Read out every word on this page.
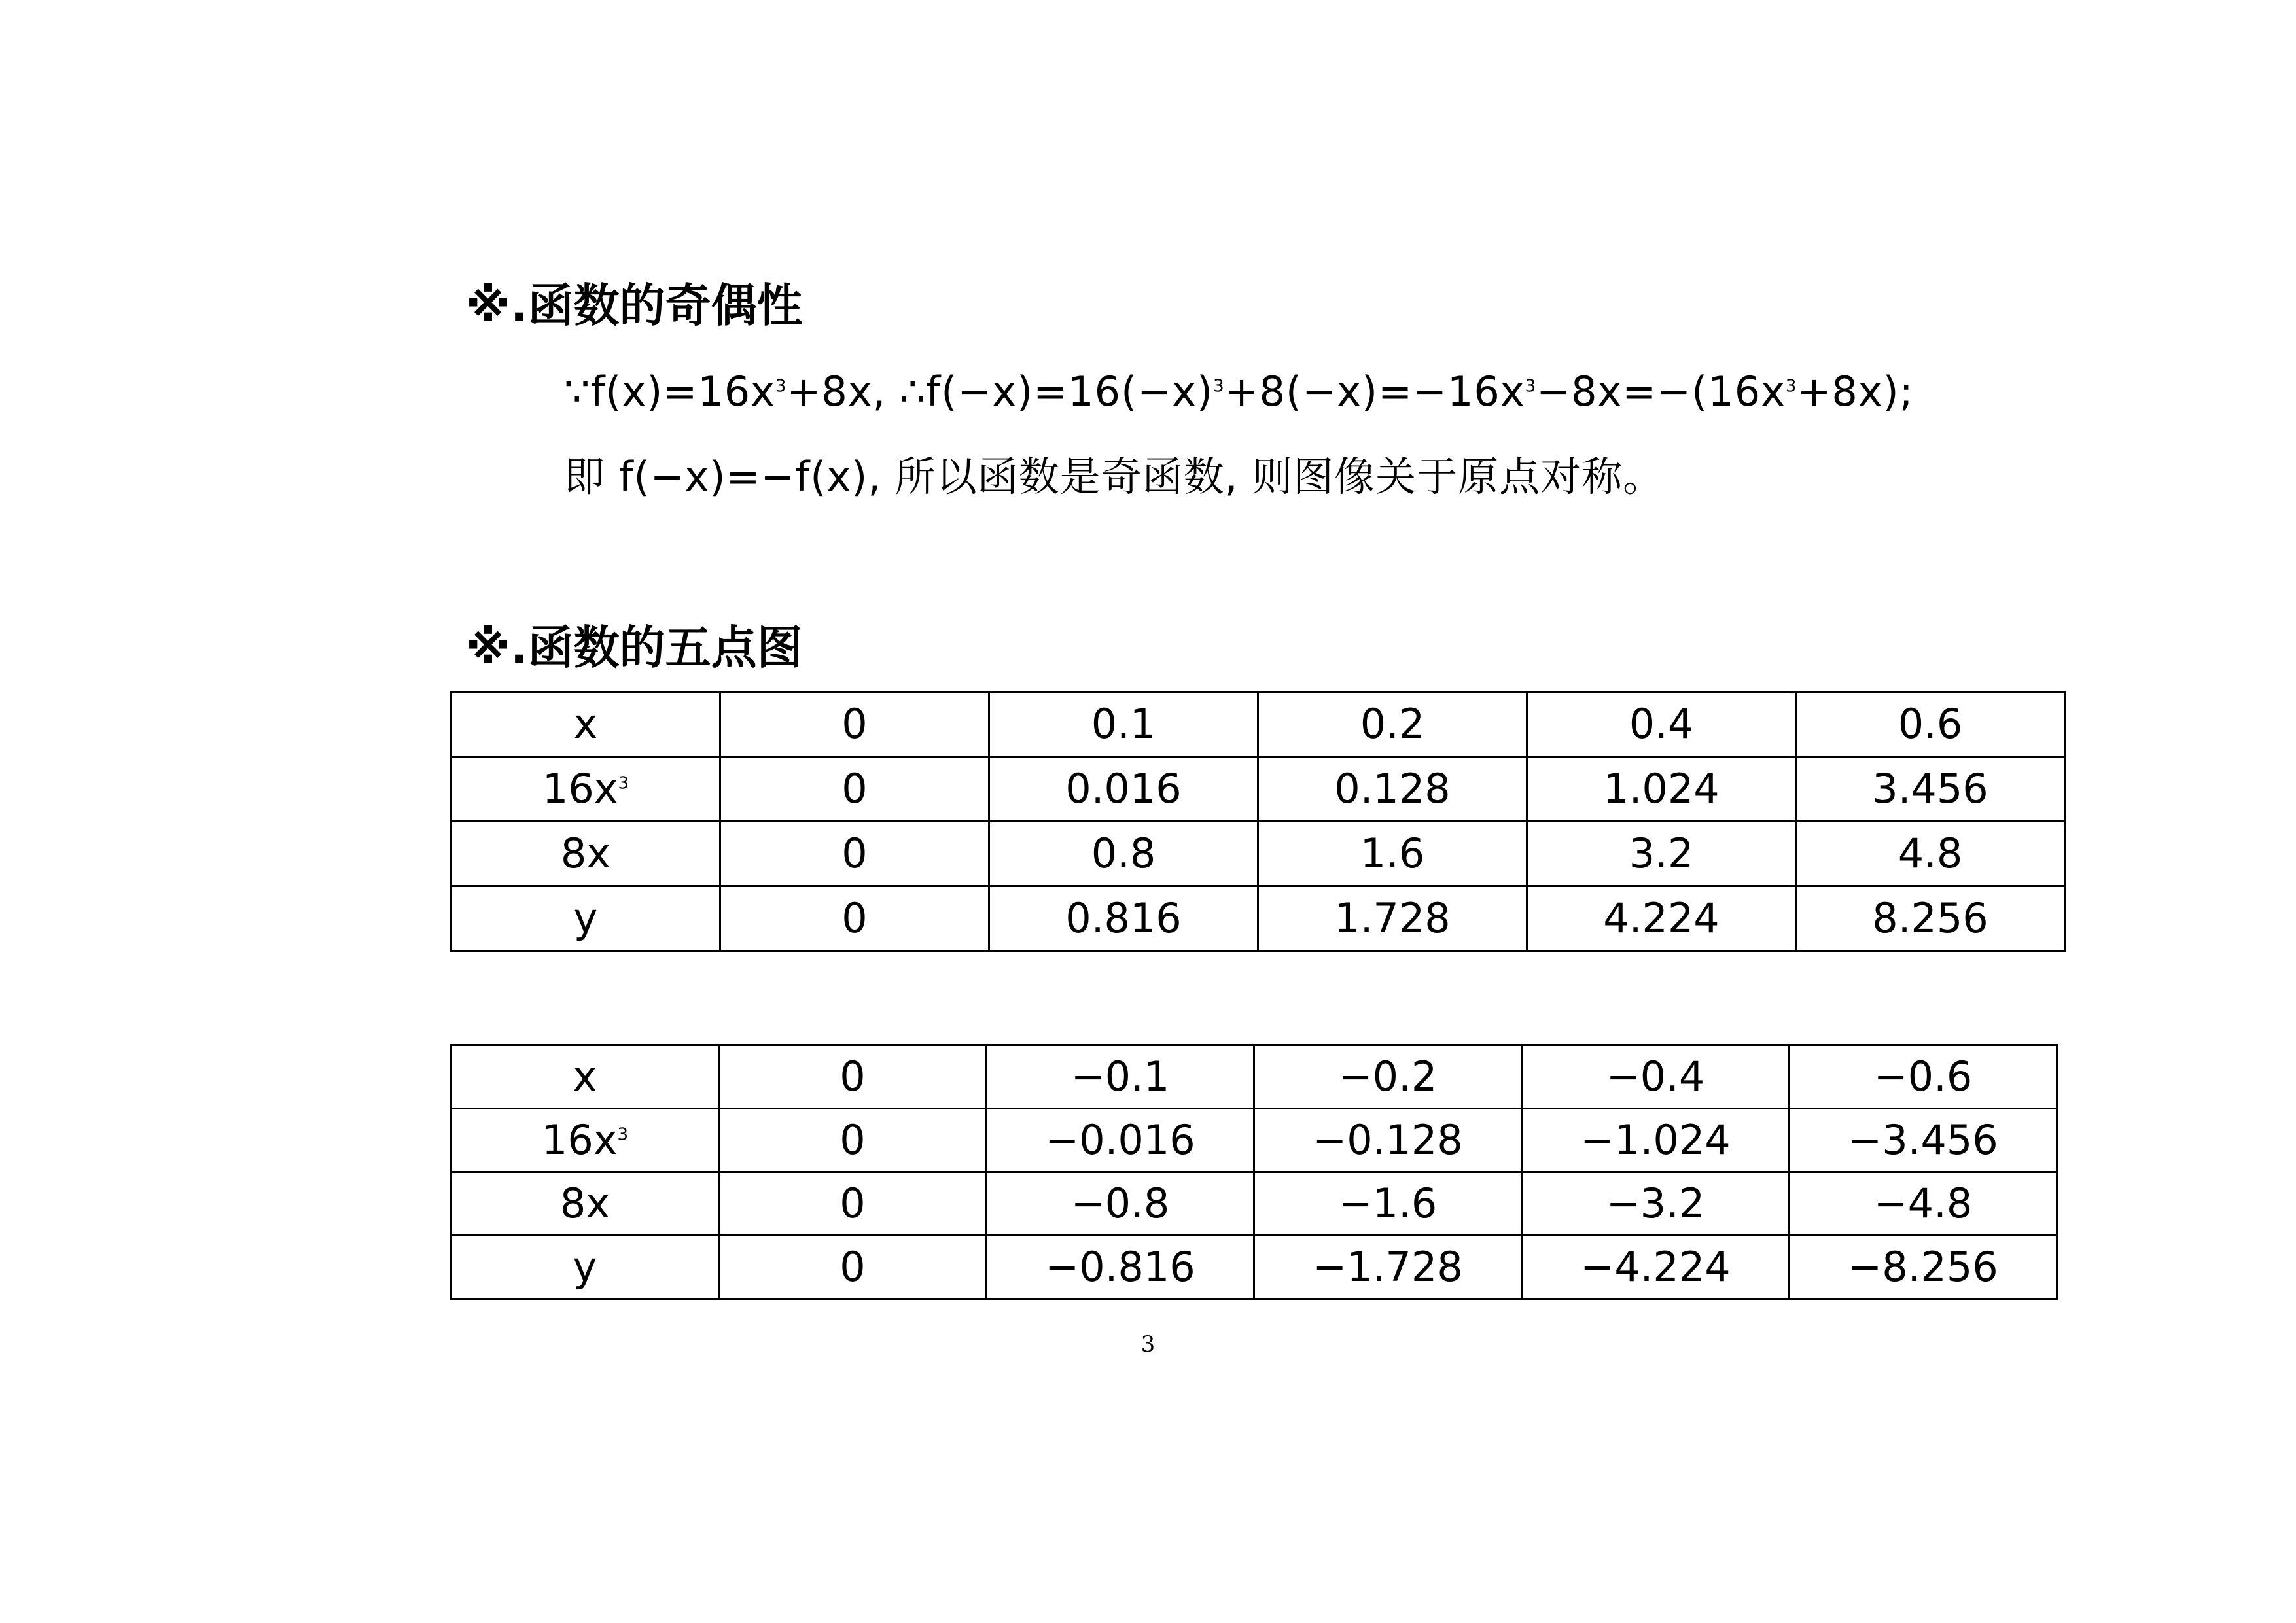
※.函数的奇偶性
$\because f(x)=16x^3+8x$, $\therefore f(-x)=16(-x)^3+8(-x)=-16x^3-8x=-(16x^3+8x)$;
即 f(−x)=−f(x), 所以函数是奇函数, 则图像关于原点对称。
※.函数的五点图
x	0	0.1	0.2	0.4	0.6
$16x^3$	0	0.016	0.128	1.024	3.456
8x	0	0.8	1.6	3.2	4.8
y	0	0.816	1.728	4.224	8.256
x	0	−0.1	−0.2	−0.4	−0.6
$16x^3$	0	−0.016	−0.128	−1.024	−3.456
8x	0	−0.8	−1.6	−3.2	−4.8
y	0	−0.816	−1.728	−4.224	−8.256
3
